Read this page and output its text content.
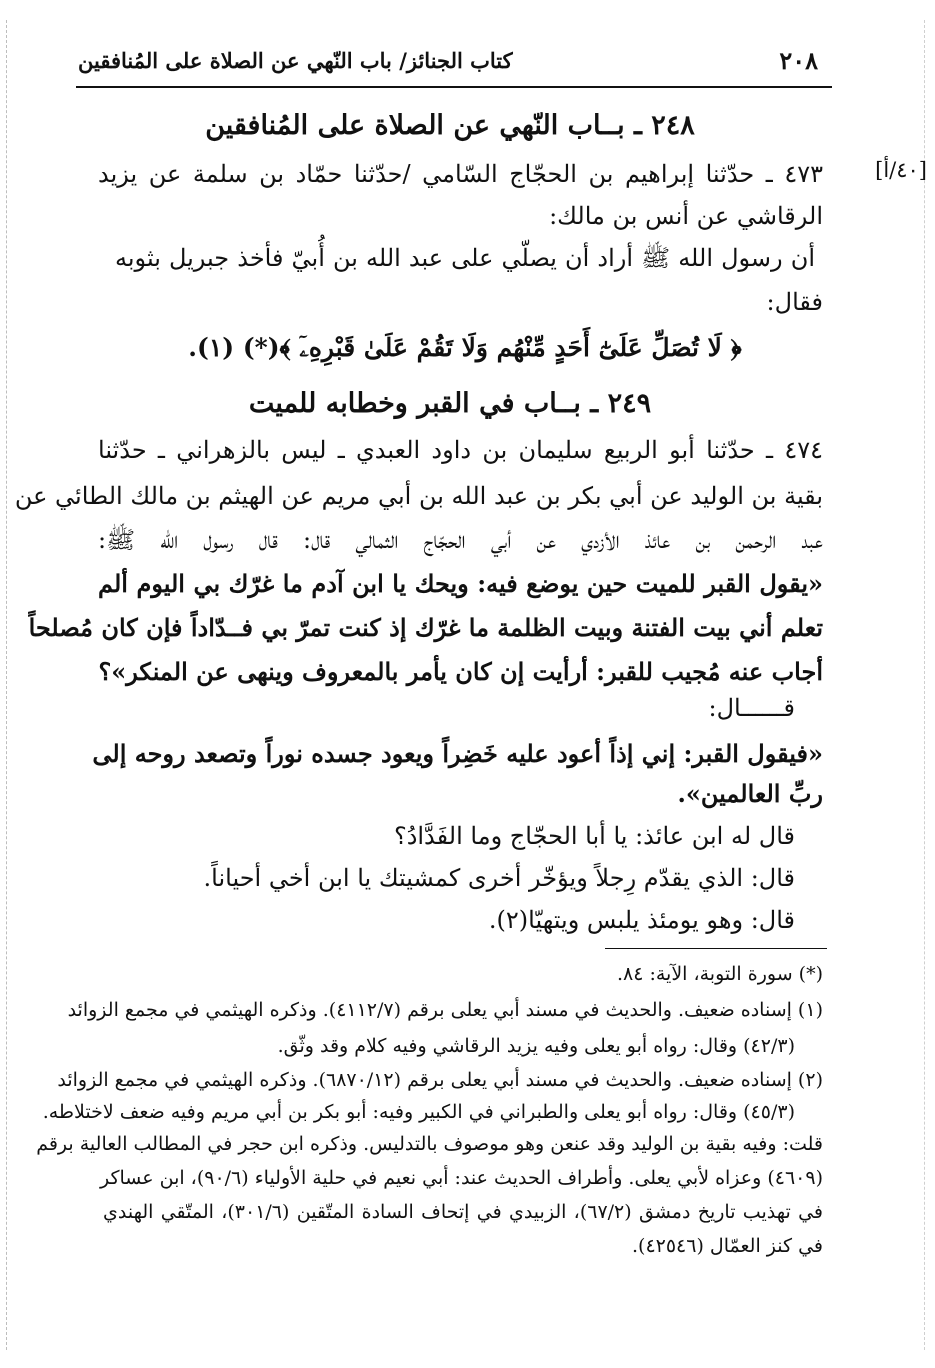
٢٠٨
كتاب الجنائز/ باب النّهي عن الصلاة على المُنافقين
[٤٠/أ]
٢٤٨ ـ بــاب النّهي عن الصلاة على المُنافقين
٤٧٣ ـ حدّثنا إبراهيم بن الحجّاج السّامي /حدّثنا حمّاد بن سلمة عن يزيد
الرقاشي عن أنس بن مالك:
أن رسول الله ﷺ أراد أن يصلّي على عبد الله بن أُبيّ فأخذ جبريل بثوبه
فقال:
﴿ لَا تُصَلِّ عَلَىٰٓ أَحَدٍ مِّنْهُم وَلَا تَقُمْ عَلَىٰ قَبْرِهِۦٓ ﴾(*) (١).
٢٤٩ ـ بــاب في القبر وخطابه للميت
٤٧٤ ـ حدّثنا أبو الربيع سليمان بن داود العبدي ـ ليس بالزهراني ـ حدّثنا
بقية بن الوليد عن أبي بكر بن عبد الله بن أبي مريم عن الهيثم بن مالك الطائي عن
عبد الرحمن بن عائذ الأزدي عن أبي الحجّاج الثمالي قال: قال رسول الله ﷺ:
«يقول القبر للميت حين يوضع فيه: ويحك يا ابن آدم ما غرّك بي اليوم ألم
تعلم أني بيت الفتنة وبيت الظلمة ما غرّك إذ كنت تمرّ بي فــدّاداً فإن كان مُصلحاً
أجاب عنه مُجيب للقبر: أرأيت إن كان يأمر بالمعروف وينهى عن المنكر»؟
قــــــال:
«فيقول القبر: إني إذاً أعود عليه خَضِراً ويعود جسده نوراً وتصعد روحه إلى
ربِّ العالمين».
قال له ابن عائذ: يا أبا الحجّاج وما الفَدَّادُ؟
قال: الذي يقدّم رِجلاً ويؤخّر أخرى كمشيتك يا ابن أخي أحياناً.
قال: وهو يومئذ يلبس ويتهيّا(٢).
(*) سورة التوبة، الآية: ٨٤.
(١) إسناده ضعيف. والحديث في مسند أبي يعلى برقم (٤١١٢/٧). وذكره الهيثمي في مجمع الزوائد
(٤٢/٣) وقال: رواه أبو يعلى وفيه يزيد الرقاشي وفيه كلام وقد وثّق.
(٢) إسناده ضعيف. والحديث في مسند أبي يعلى برقم (٦٨٧٠/١٢). وذكره الهيثمي في مجمع الزوائد
(٤٥/٣) وقال: رواه أبو يعلى والطبراني في الكبير وفيه: أبو بكر بن أبي مريم وفيه ضعف لاختلاطه.
قلت: وفيه بقية بن الوليد وقد عنعن وهو موصوف بالتدليس. وذكره ابن حجر في المطالب العالية برقم
(٤٦٠٩) وعزاه لأبي يعلى. وأطراف الحديث عند: أبي نعيم في حلية الأولياء (٩٠/٦)، ابن عساكر
في تهذيب تاريخ دمشق (٦٧/٢)، الزبيدي في إتحاف السادة المتّقين (٣٠١/٦)، المتّقي الهندي
في كنز العمّال (٤٢٥٤٦).
